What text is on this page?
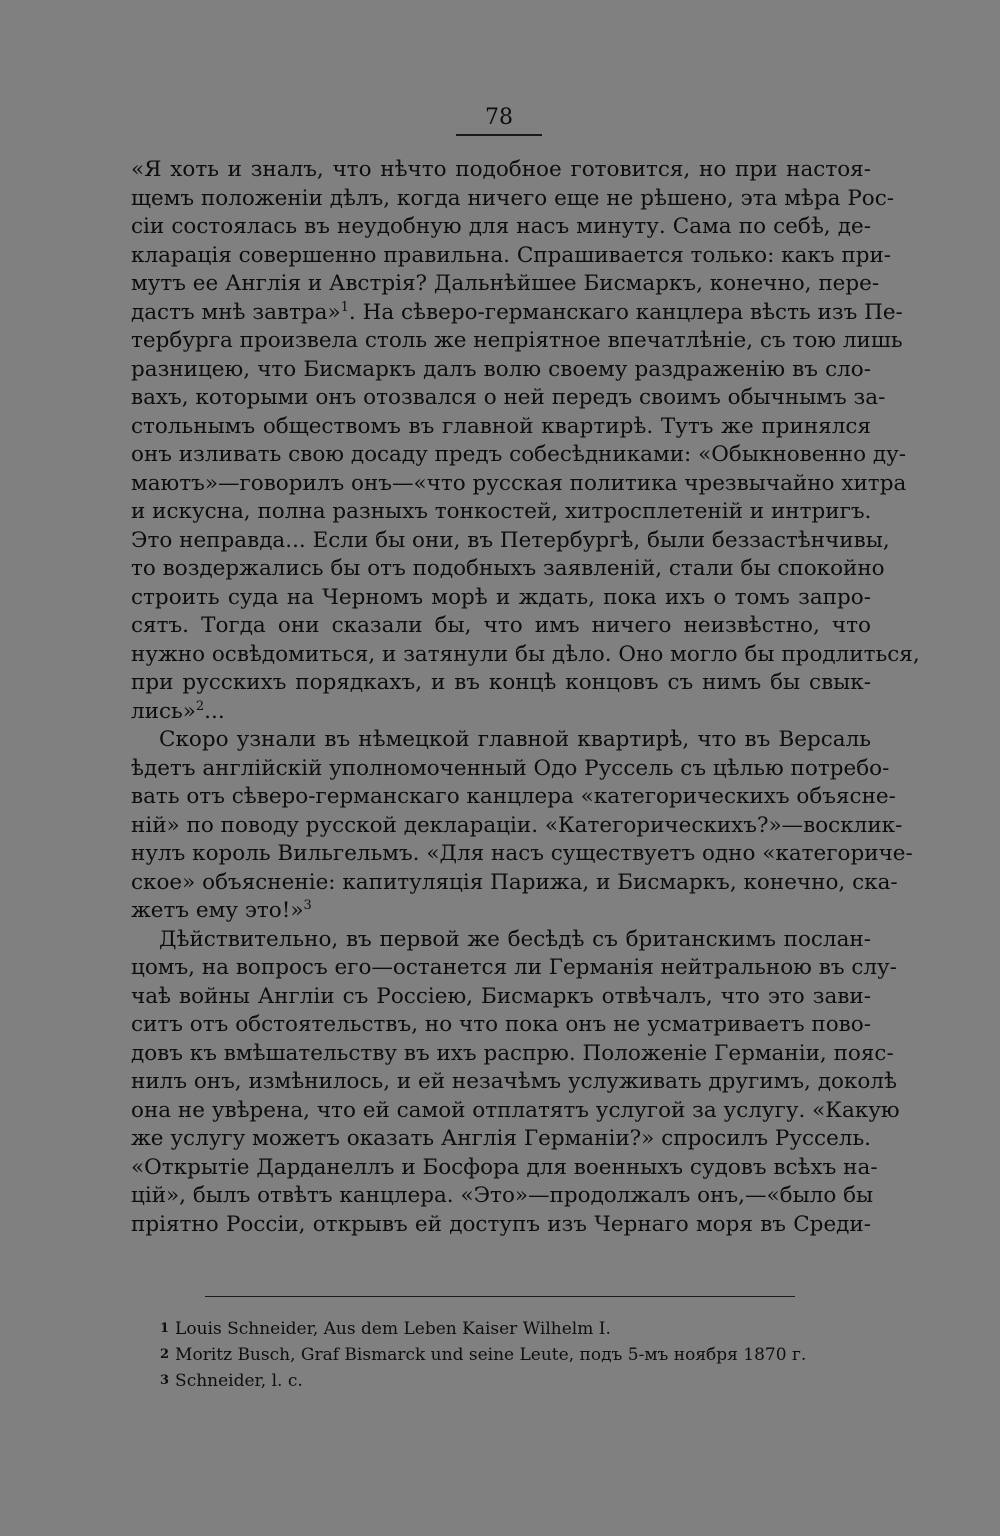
78
«Я хоть и зналъ, что нѣчто подобное готовится, но при настоя-
щемъ положенiи дѣлъ, когда ничего еще не рѣшено, эта мѣра Рос-
сiи состоялась въ неудобную для насъ минуту. Сама по себѣ, де-
кларацiя совершенно правильна. Спрашивается только: какъ при-
мутъ ее Англiя и Австрiя? Дальнѣйшее Бисмаркъ, конечно, пере-
дастъ мнѣ завтра»$^1$. На сѣверо-германскаго канцлера вѣсть изъ Пе-
тербурга произвела столь же непрiятное впечатлѣнiе, съ тою лишь
разницею, что Бисмаркъ далъ волю своему раздраженiю въ сло-
вахъ, которыми онъ отозвался о ней передъ своимъ обычнымъ за-
стольнымъ обществомъ въ главной квартирѣ. Тутъ же принялся
онъ изливать свою досаду предъ собесѣдниками: «Обыкновенно ду-
маютъ»—говорилъ онъ—«что русская политика чрезвычайно хитра
и искусна, полна разныхъ тонкостей, хитросплетенiй и интригъ.
Это неправда... Если бы они, въ Петербургѣ, были беззастѣнчивы,
то воздержались бы отъ подобныхъ заявленiй, стали бы спокойно
строить суда на Черномъ морѣ и ждать, пока ихъ о томъ запро-
сятъ. Тогда они сказали бы, что имъ ничего неизвѣстно, что
нужно освѣдомиться, и затянули бы дѣло. Оно могло бы продлиться,
при русскихъ порядкахъ, и въ концѣ концовъ съ нимъ бы свык-
лись»$^2$...
Скоро узнали въ нѣмецкой главной квартирѣ, что въ Версаль
ѣдетъ англiйскiй уполномоченный Одо Руссель съ цѣлью потребо-
вать отъ сѣверо-германскаго канцлера «категорическихъ объясне-
нiй» по поводу русской декларацiи. «Категорическихъ?»—восклик-
нулъ король Вильгельмъ. «Для насъ существуетъ одно «категориче-
ское» объясненiе: капитуляцiя Парижа, и Бисмаркъ, конечно, ска-
жетъ ему это!»$^3$
Дѣйствительно, въ первой же бесѣдѣ съ британскимъ послан-
цомъ, на вопросъ его—останется ли Германiя нейтральною въ слу-
чаѣ войны Англiи съ Россiею, Бисмаркъ отвѣчалъ, что это зави-
ситъ отъ обстоятельствъ, но что пока онъ не усматриваетъ пово-
довъ къ вмѣшательству въ ихъ распрю. Положенiе Германiи, пояс-
нилъ онъ, измѣнилось, и ей незачѣмъ услуживать другимъ, доколѣ
она не увѣрена, что ей самой отплатятъ услугой за услугу. «Какую
же услугу можетъ оказать Англiя Германiи?» спросилъ Руссель.
«Открытiе Дарданеллъ и Босфора для военныхъ судовъ всѣхъ на-
цiй», былъ отвѣтъ канцлера. «Это»—продолжалъ онъ,—«было бы
прiятно Россiи, открывъ ей доступъ изъ Чернаго моря въ Среди-
1 Louis Schneider, Aus dem Leben Kaiser Wilhelm I.
2 Moritz Busch, Graf Bismarck und seine Leute, подъ 5-мъ ноября 1870 г.
3 Schneider, l. c.
